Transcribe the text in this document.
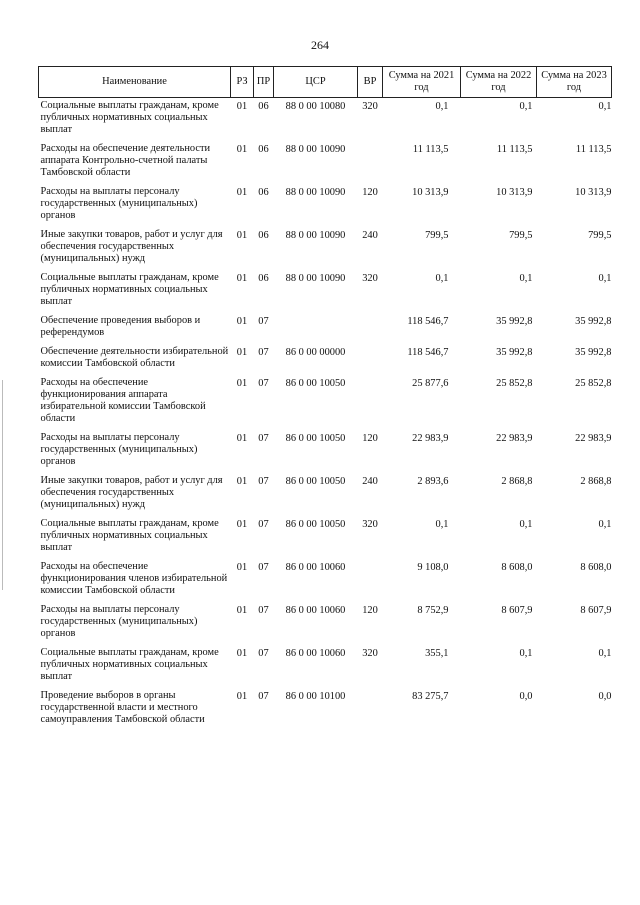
264
Наименование	РЗ	ПР	ЦСР	ВР	Сумма на 2021 год	Сумма на 2022 год	Сумма на 2023 год
Социальные выплаты гражданам, кроме публичных нормативных социальных выплат	01	06	88 0 00 10080	320	0,1	0,1	0,1
Расходы на обеспечение деятельности аппарата Контрольно-счетной палаты Тамбовской области	01	06	88 0 00 10090		11 113,5	11 113,5	11 113,5
Расходы на выплаты персоналу государственных (муниципальных) органов	01	06	88 0 00 10090	120	10 313,9	10 313,9	10 313,9
Иные закупки товаров, работ и услуг для обеспечения государственных (муниципальных) нужд	01	06	88 0 00 10090	240	799,5	799,5	799,5
Социальные выплаты гражданам, кроме публичных нормативных социальных выплат	01	06	88 0 00 10090	320	0,1	0,1	0,1
Обеспечение проведения выборов и референдумов	01	07			118 546,7	35 992,8	35 992,8
Обеспечение деятельности избирательной комиссии Тамбовской области	01	07	86 0 00 00000		118 546,7	35 992,8	35 992,8
Расходы на обеспечение функционирования аппарата избирательной комиссии Тамбовской области	01	07	86 0 00 10050		25 877,6	25 852,8	25 852,8
Расходы на выплаты персоналу государственных (муниципальных) органов	01	07	86 0 00 10050	120	22 983,9	22 983,9	22 983,9
Иные закупки товаров, работ и услуг для обеспечения государственных (муниципальных) нужд	01	07	86 0 00 10050	240	2 893,6	2 868,8	2 868,8
Социальные выплаты гражданам, кроме публичных нормативных социальных выплат	01	07	86 0 00 10050	320	0,1	0,1	0,1
Расходы на обеспечение функционирования членов избирательной комиссии Тамбовской области	01	07	86 0 00 10060		9 108,0	8 608,0	8 608,0
Расходы на выплаты персоналу государственных (муниципальных) органов	01	07	86 0 00 10060	120	8 752,9	8 607,9	8 607,9
Социальные выплаты гражданам, кроме публичных нормативных социальных выплат	01	07	86 0 00 10060	320	355,1	0,1	0,1
Проведение выборов в органы государственной власти и местного самоуправления Тамбовской области	01	07	86 0 00 10100		83 275,7	0,0	0,0
